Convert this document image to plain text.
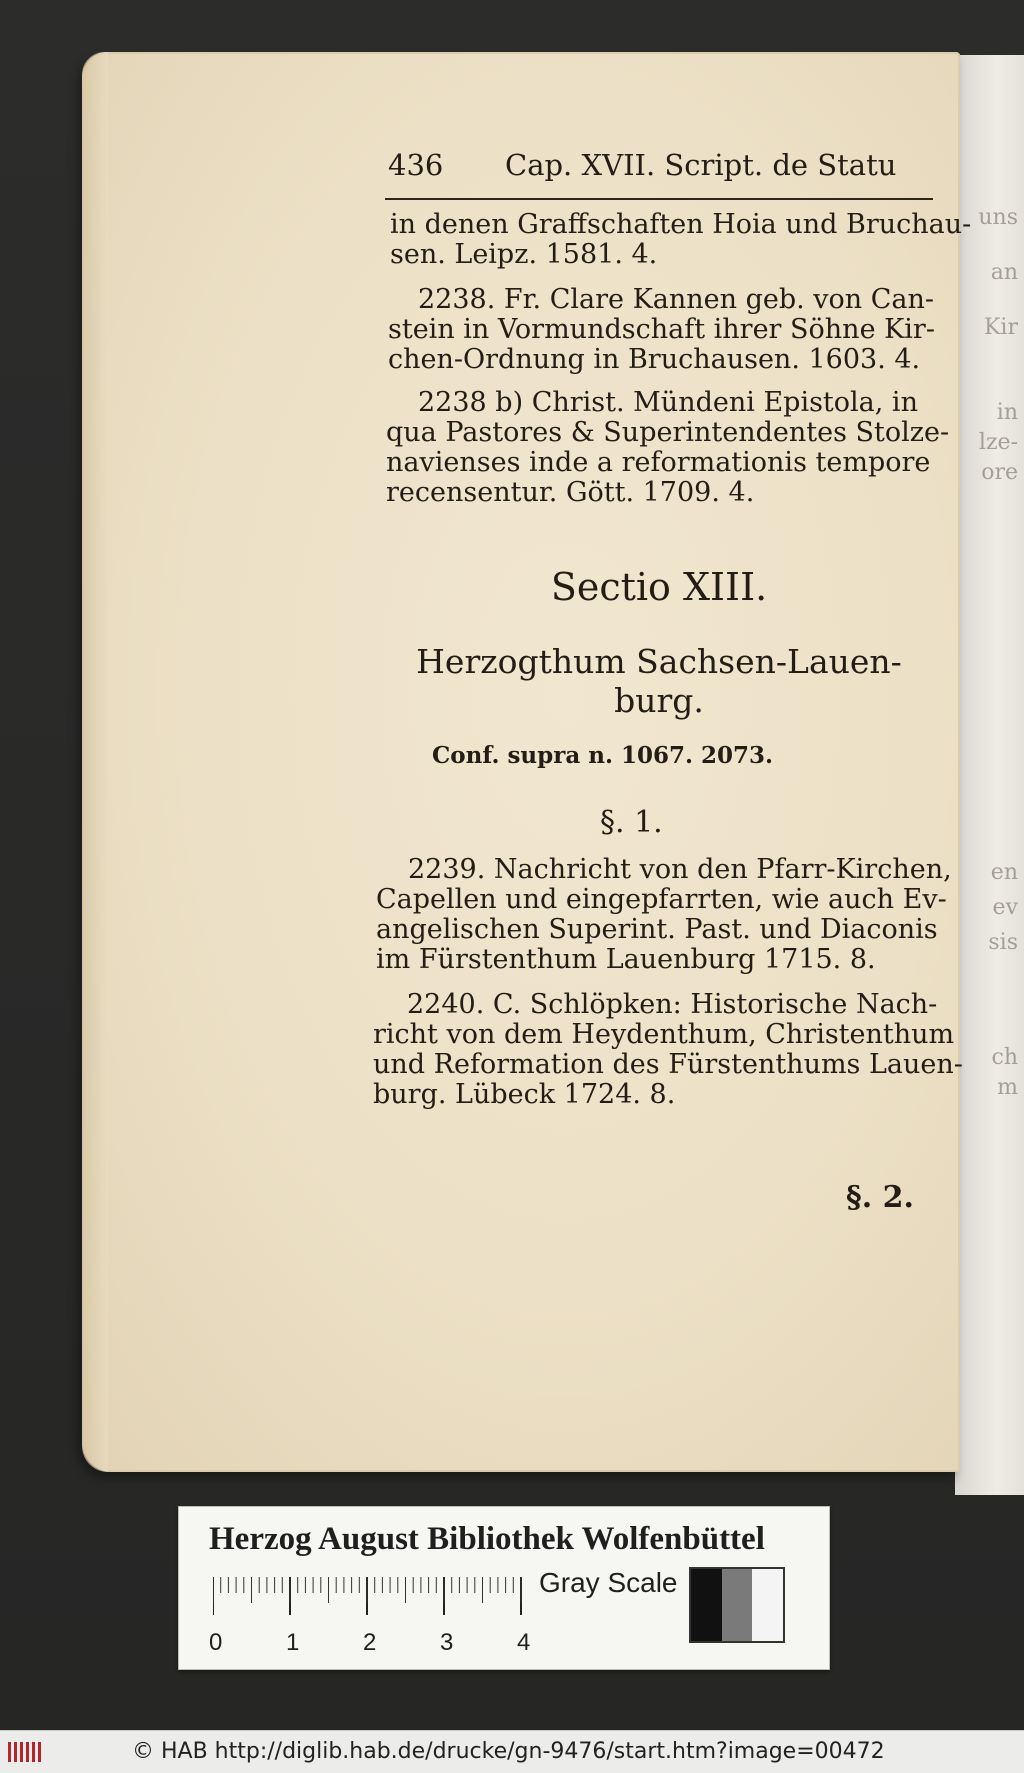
uns
an
Kir
in
lze-
ore
en
ev
sis
ch
m
436 Cap. XVII. Script. de Statu
in denen Graffschaften Hoia und Bruchau-
sen. Leipz. 1581. 4.
2238. Fr. Clare Kannen geb. von Can-
stein in Vormundschaft ihrer Söhne Kir-
chen-Ordnung in Bruchausen. 1603. 4.
2238 b) Christ. Mündeni Epistola, in
qua Pastores & Superintendentes Stolze-
navienses inde a reformationis tempore
recensentur. Gött. 1709. 4.
Sectio XIII.
Herzogthum Sachsen-Lauen-
burg.
Conf. supra n. 1067. 2073.
§. 1.
2239. Nachricht von den Pfarr-Kirchen,
Capellen und eingepfarrten, wie auch Ev-
angelischen Superint. Past. und Diaconis
im Fürstenthum Lauenburg 1715. 8.
2240. C. Schlöpken: Historische Nach-
richt von dem Heydenthum, Christenthum
und Reformation des Fürstenthums Lauen-
burg. Lübeck 1724. 8.
§. 2.
Herzog August Bibliothek Wolfenbüttel
0	1	2	3	4
Gray Scale
© HAB http://diglib.hab.de/drucke/gn-9476/start.htm?image=00472
